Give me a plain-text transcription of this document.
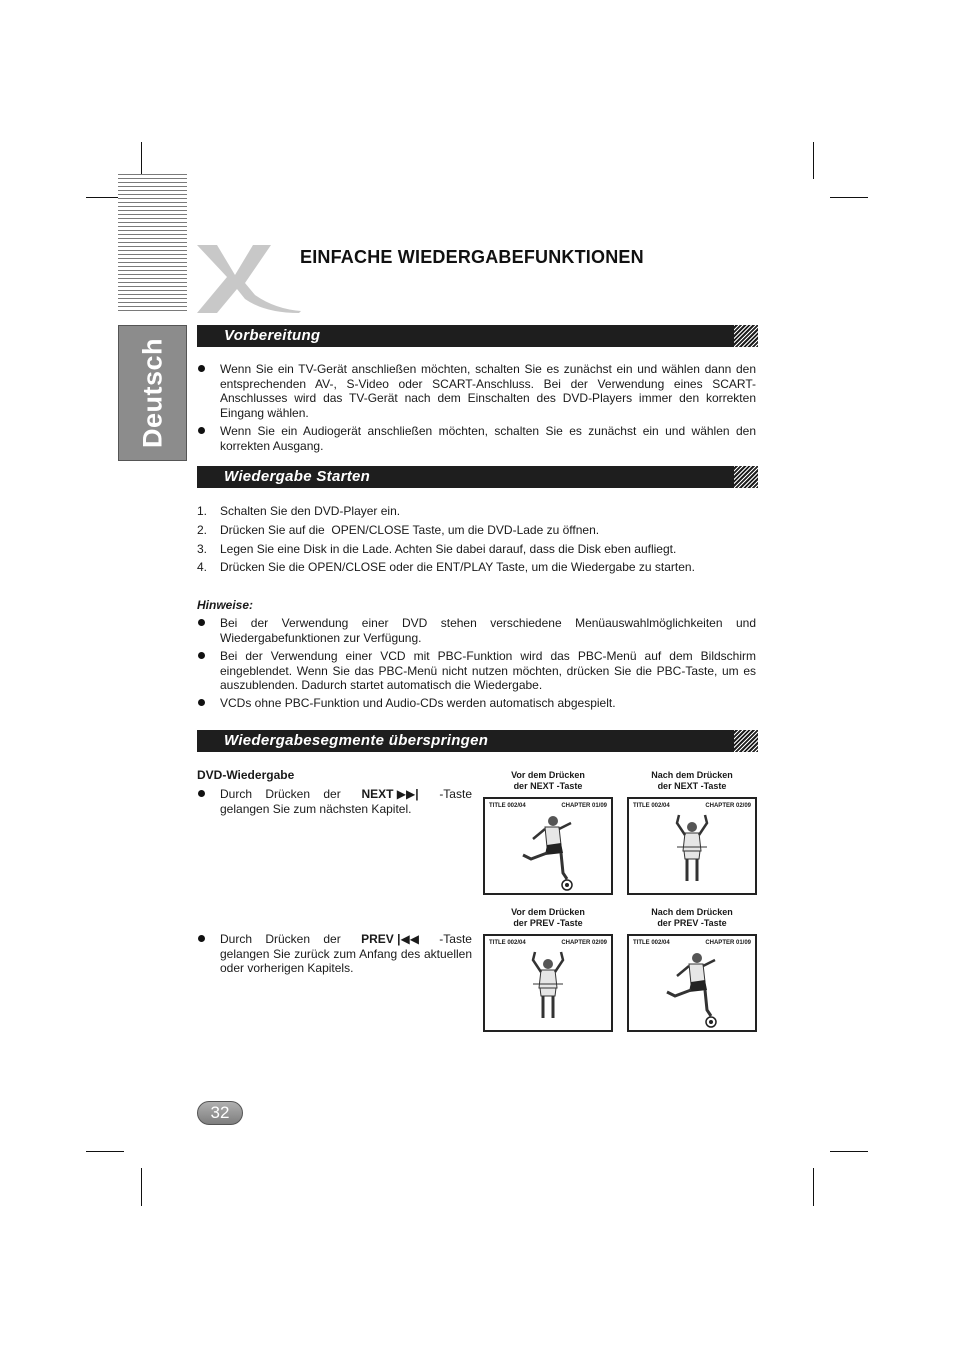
Deutsch
EINFACHE WIEDERGABEFUNKTIONEN
Vorbereitung
Wenn Sie ein TV-Gerät anschließen möchten, schalten Sie es zunächst ein und wählen dann den entsprechenden AV-, S-Video oder SCART-Anschluss. Bei der Verwendung eines SCART-Anschlusses wird das TV-Gerät nach dem Einschalten des DVD-Players immer den korrekten Eingang wählen.
Wenn Sie ein Audiogerät anschließen möchten, schalten Sie es zunächst ein und wählen den korrekten Ausgang.
Wiedergabe Starten
1. Schalten Sie den DVD-Player ein.
2. Drücken Sie auf die  OPEN/CLOSE Taste, um die DVD-Lade zu öffnen.
3. Legen Sie eine Disk in die Lade. Achten Sie dabei darauf, dass die Disk eben aufliegt.
4. Drücken Sie die OPEN/CLOSE oder die ENT/PLAY Taste, um die Wiedergabe zu starten.
Hinweise:
Bei der Verwendung einer DVD stehen verschiedene Menüauswahlmöglichkeiten und Wiedergabefunktionen zur Verfügung.
Bei der Verwendung einer VCD mit PBC-Funktion wird das PBC-Menü auf dem Bildschirm eingeblendet. Wenn Sie das PBC-Menü nicht nutzen möchten, drücken Sie die PBC-Taste, um es auszublenden. Dadurch startet automatisch die Wiedergabe.
VCDs ohne PBC-Funktion und Audio-CDs werden automatisch abgespielt.
Wiedergabesegmente überspringen
DVD-Wiedergabe
Durch Drücken der NEXT ▶▶| -Taste
gelangen Sie zum nächsten Kapitel.
Durch Drücken der PREV |◀◀ -Taste
gelangen Sie zurück zum Anfang des aktuellen oder vorherigen Kapitels.
Vor dem Drücken
der NEXT -Taste
TITLE 002/04	CHAPTER 01/09
Nach dem Drücken
der NEXT -Taste
TITLE 002/04	CHAPTER 02/09
Vor dem Drücken
der PREV -Taste
TITLE 002/04	CHAPTER 02/09
Nach dem Drücken
der PREV -Taste
TITLE 002/04	CHAPTER 01/09
32
